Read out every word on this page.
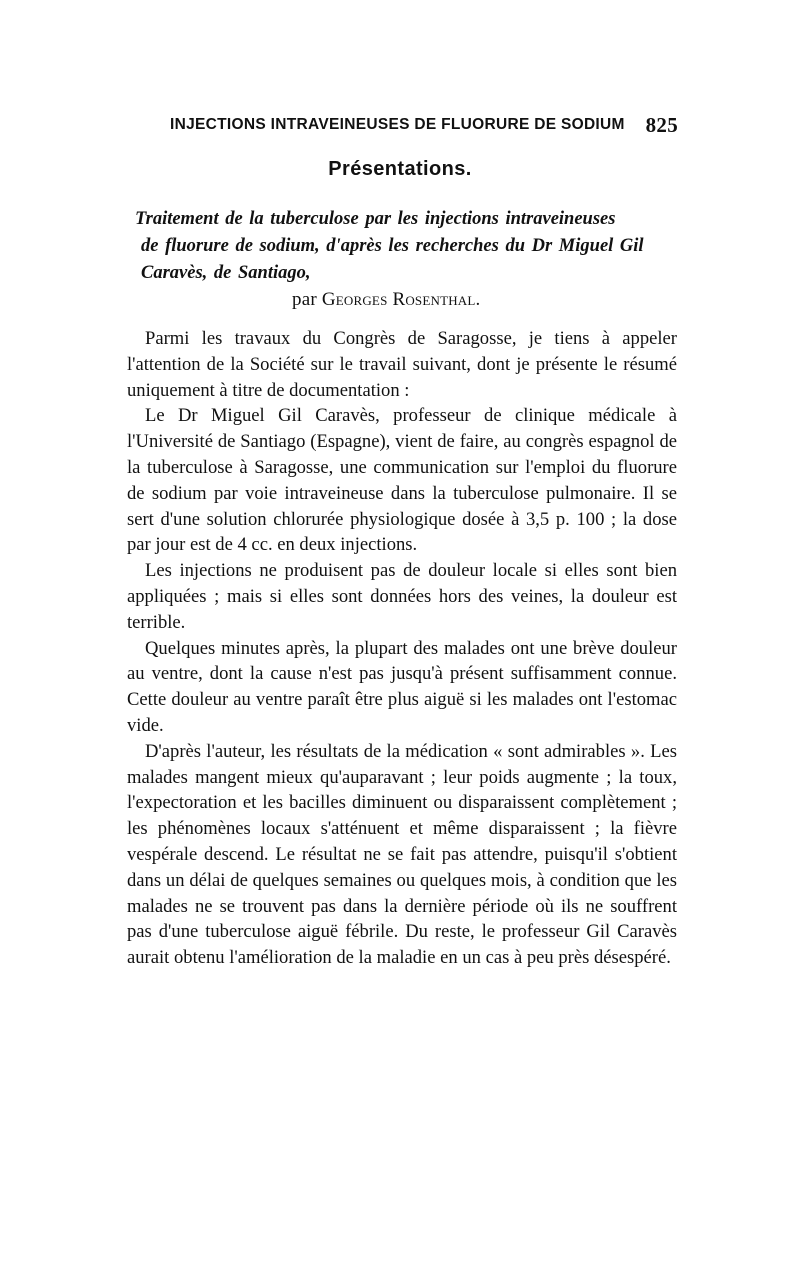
INJECTIONS INTRAVEINEUSES DE FLUORURE DE SODIUM 825
Présentations.
Traitement de la tuberculose par les injections intraveineuses
de fluorure de sodium, d'après les recherches du Dr Miguel Gil
Caravès, de Santiago,
par Georges Rosenthal.

Parmi les travaux du Congrès de Saragosse, je tiens à appeler l'attention de la Société sur le travail suivant, dont je présente le résumé uniquement à titre de documentation :

Le Dr Miguel Gil Caravès, professeur de clinique médicale à l'Université de Santiago (Espagne), vient de faire, au congrès espagnol de la tuberculose à Saragosse, une communication sur l'emploi du fluorure de sodium par voie intraveineuse dans la tuberculose pulmonaire. Il se sert d'une solution chlorurée physiologique dosée à 3,5 p. 100 ; la dose par jour est de 4 cc. en deux injections.

Les injections ne produisent pas de douleur locale si elles sont bien appliquées ; mais si elles sont données hors des veines, la douleur est terrible.

Quelques minutes après, la plupart des malades ont une brève douleur au ventre, dont la cause n'est pas jusqu'à présent suffisamment connue. Cette douleur au ventre paraît être plus aiguë si les malades ont l'estomac vide.

D'après l'auteur, les résultats de la médication « sont admirables ». Les malades mangent mieux qu'auparavant ; leur poids augmente ; la toux, l'expectoration et les bacilles diminuent ou disparaissent complètement ; les phénomènes locaux s'atténuent et même disparaissent ; la fièvre vespérale descend. Le résultat ne se fait pas attendre, puisqu'il s'obtient dans un délai de quelques semaines ou quelques mois, à condition que les malades ne se trouvent pas dans la dernière période où ils ne souffrent pas d'une tuberculose aiguë fébrile. Du reste, le professeur Gil Caravès aurait obtenu l'amélioration de la maladie en un cas à peu près désespéré.
